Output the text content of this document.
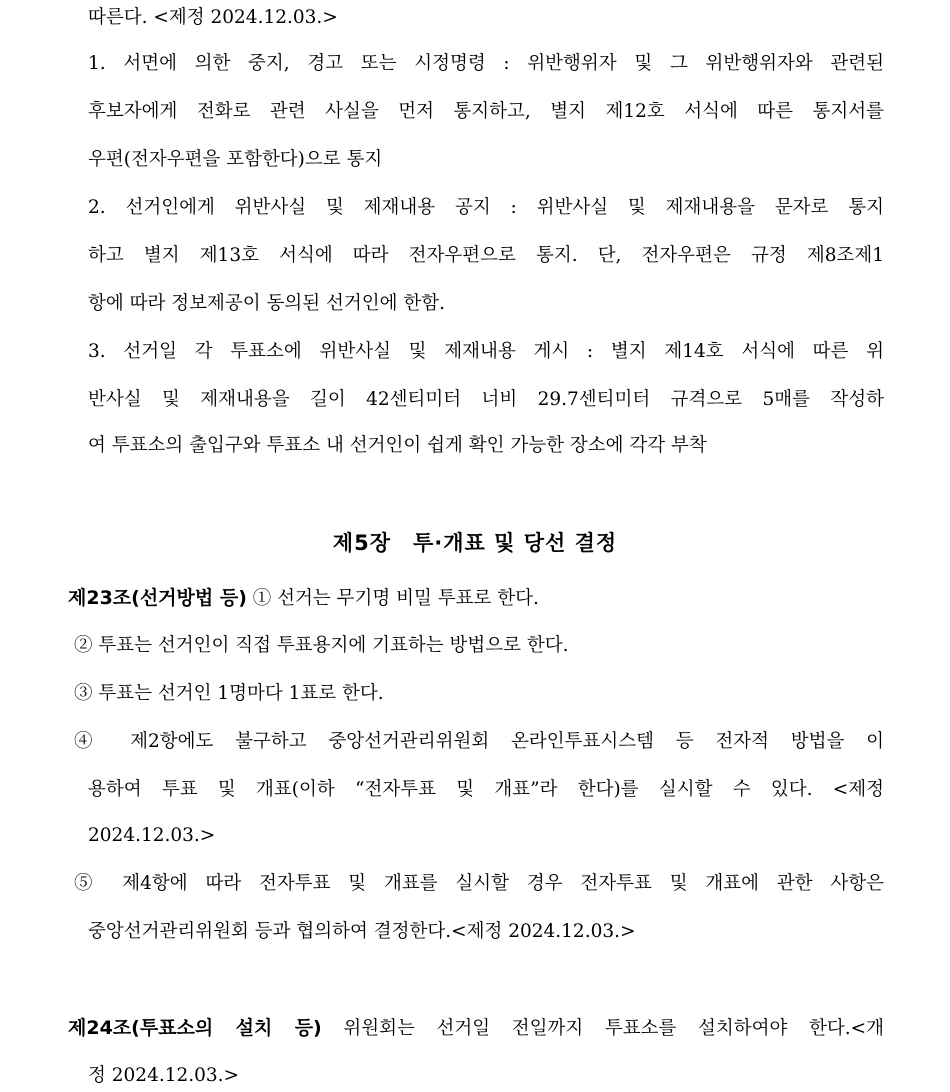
따른다. <제정 2024.12.03.>
1. 서면에 의한 중지, 경고 또는 시정명령 : 위반행위자 및 그 위반행위자와 관련된
후보자에게 전화로 관련 사실을 먼저 통지하고, 별지 제12호 서식에 따른 통지서를
우편(전자우편을 포함한다)으로 통지
2. 선거인에게 위반사실 및 제재내용 공지 : 위반사실 및 제재내용을 문자로 통지
하고 별지 제13호 서식에 따라 전자우편으로 통지. 단, 전자우편은 규정 제8조제1
항에 따라 정보제공이 동의된 선거인에 한함.
3. 선거일 각 투표소에 위반사실 및 제재내용 게시 : 별지 제14호 서식에 따른 위
반사실 및 제재내용을 길이 42센티미터 너비 29.7센티미터 규격으로 5매를 작성하
여 투표소의 출입구와 투표소 내 선거인이 쉽게 확인 가능한 장소에 각각 부착
제5장 투·개표 및 당선 결정
제23조(선거방법 등) ① 선거는 무기명 비밀 투표로 한다.
② 투표는 선거인이 직접 투표용지에 기표하는 방법으로 한다.
③ 투표는 선거인 1명마다 1표로 한다.
④ 제2항에도 불구하고 중앙선거관리위원회 온라인투표시스템 등 전자적 방법을 이
용하여 투표 및 개표(이하 “전자투표 및 개표”라 한다)를 실시할 수 있다. <제정
2024.12.03.>
⑤ 제4항에 따라 전자투표 및 개표를 실시할 경우 전자투표 및 개표에 관한 사항은
중앙선거관리위원회 등과 협의하여 결정한다.<제정 2024.12.03.>
제24조(투표소의 설치 등) 위원회는 선거일 전일까지 투표소를 설치하여야 한다.<개
정 2024.12.03.>
